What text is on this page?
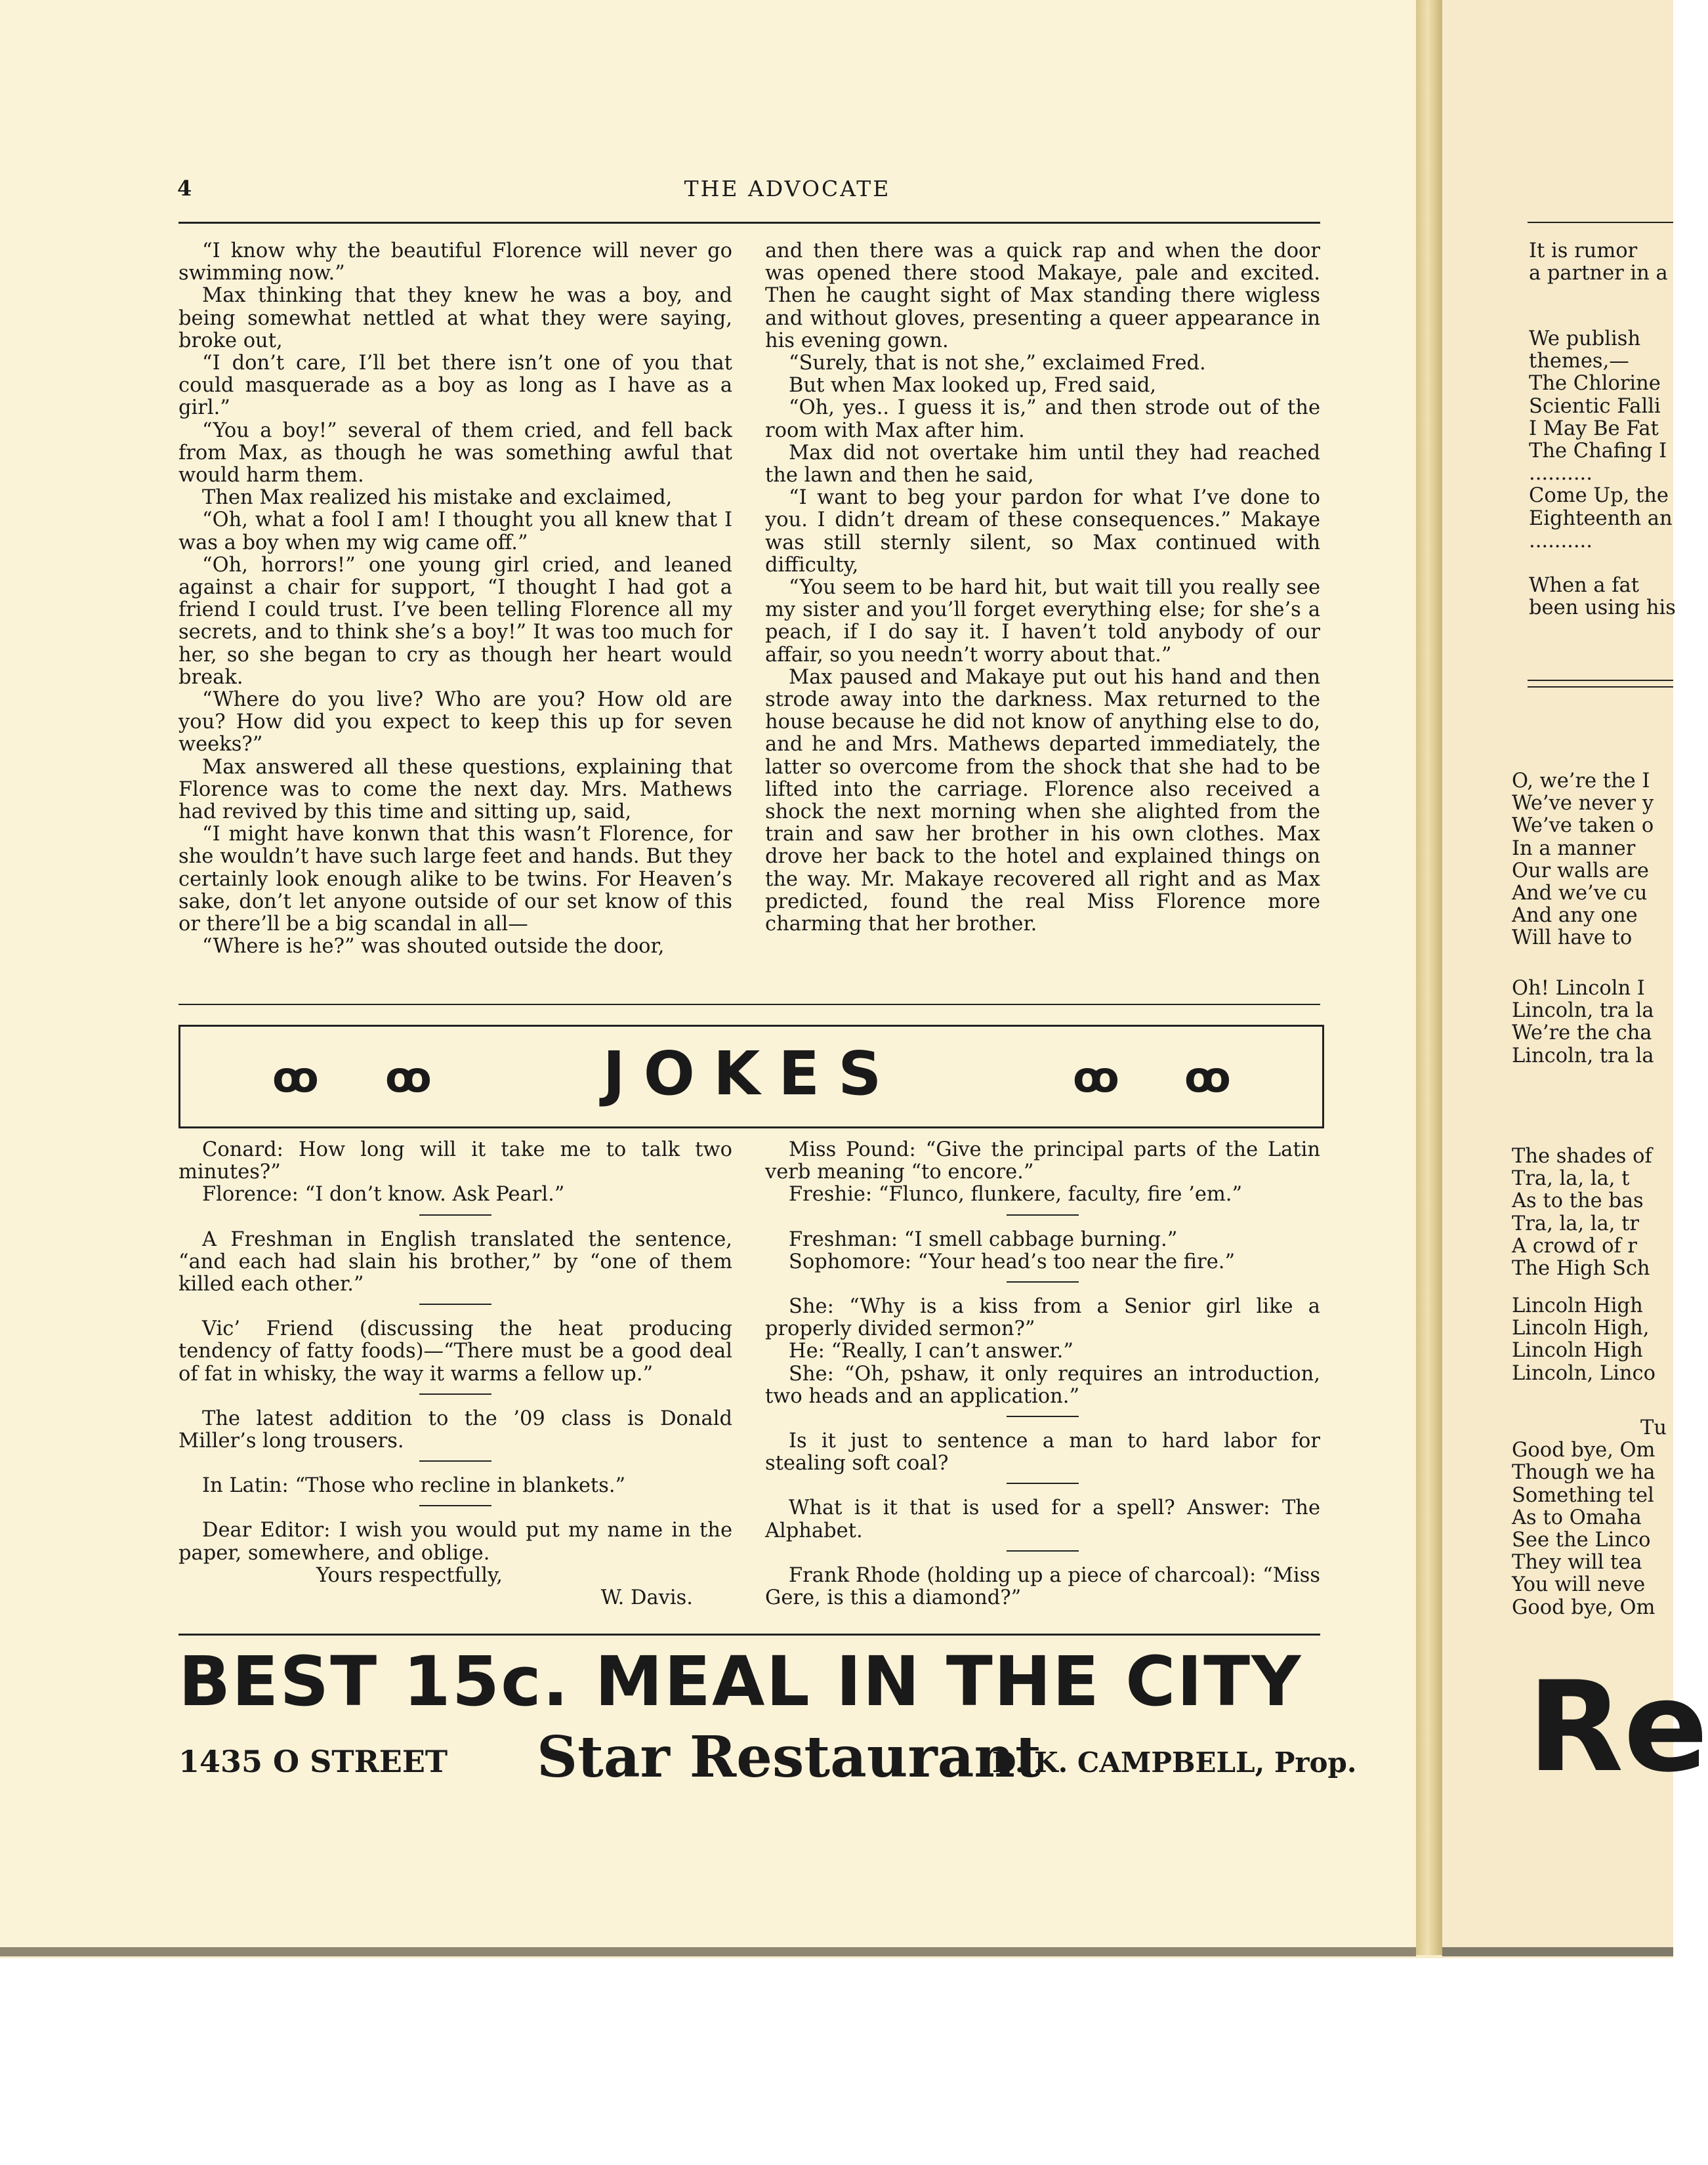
4	THE ADVOCATE

“I know why the beautiful Florence will never go swimming now.”

Max thinking that they knew he was a boy, and being somewhat nettled at what they were saying, broke out,

“I don’t care, I’ll bet there isn’t one of you that could masquerade as a boy as long as I have as a girl.”

“You a boy!” several of them cried, and fell back from Max, as though he was something awful that would harm them.

Then Max realized his mistake and exclaimed,

“Oh, what a fool I am! I thought you all knew that I was a boy when my wig came off.”

“Oh, horrors!” one young girl cried, and leaned against a chair for support, “I thought I had got a friend I could trust. I’ve been telling Florence all my secrets, and to think she’s a boy!” It was too much for her, so she began to cry as though her heart would break.

“Where do you live? Who are you? How old are you? How did you expect to keep this up for seven weeks?”

Max answered all these questions, explaining that Florence was to come the next day. Mrs. Mathews had revived by this time and sitting up, said,

“I might have konwn that this wasn’t Florence, for she wouldn’t have such large feet and hands. But they certainly look enough alike to be twins. For Heaven’s sake, don’t let anyone outside of our set know of this or there’ll be a big scandal in all—

“Where is he?” was shouted outside the door,

and then there was a quick rap and when the door was opened there stood Makaye, pale and excited. Then he caught sight of Max standing there wigless and without gloves, presenting a queer appearance in his evening gown.

“Surely, that is not she,” exclaimed Fred.

But when Max looked up, Fred said,

“Oh, yes.. I guess it is,” and then strode out of the room with Max after him.

Max did not overtake him until they had reached the lawn and then he said,

“I want to beg your pardon for what I’ve done to you. I didn’t dream of these consequences.” Makaye was still sternly silent, so Max continued with difficulty,

“You seem to be hard hit, but wait till you really see my sister and you’ll forget everything else; for she’s a peach, if I do say it. I haven’t told anybody of our affair, so you needn’t worry about that.”

Max paused and Makaye put out his hand and then strode away into the darkness. Max returned to the house because he did not know of anything else to do, and he and Mrs. Mathews departed immediately, the latter so overcome from the shock that she had to be lifted into the carriage. Florence also received a shock the next morning when she alighted from the train and saw her brother in his own clothes. Max drove her back to the hotel and explained things on the way. Mr. Makaye recovered all right and as Max predicted, found the real Miss Florence more charming that her brother.

ꝏ ꝏ	JOKES	ꝏ ꝏ

Conard: How long will it take me to talk two minutes?”

Florence: “I don’t know. Ask Pearl.”

A Freshman in English translated the sentence, “and each had slain his brother,” by “one of them killed each other.”

Vic’ Friend (discussing the heat producing tendency of fatty foods)—“There must be a good deal of fat in whisky, the way it warms a fellow up.”

The latest addition to the ’09 class is Donald Miller’s long trousers.

In Latin: “Those who recline in blankets.”

Dear Editor: I wish you would put my name in the paper, somewhere, and oblige.

Yours respectfully,

W. Davis.

Miss Pound: “Give the principal parts of the Latin verb meaning “to encore.”

Freshie: “Flunco, flunkere, faculty, fire ’em.”

Freshman: “I smell cabbage burning.”

Sophomore: “Your head’s too near the fire.”

She: “Why is a kiss from a Senior girl like a properly divided sermon?”

He: “Really, I can’t answer.”

She: “Oh, pshaw, it only requires an introduction, two heads and an application.”

Is it just to sentence a man to hard labor for stealing soft coal?

What is it that is used for a spell? Answer: The Alphabet.

Frank Rhode (holding up a piece of charcoal): “Miss Gere, is this a diamond?”

BEST 15c. MEAL IN THE CITY
1435 O STREET Star Restaurant
D. K. CAMPBELL, Prop.
It is rumor
a partner in a
We publish
themes,—
The Chlorine
Scientic Falli
I May Be Fat
The Chafing I
..........
Come Up, the
Eighteenth an
..........
When a fat
been using his
O, we’re the I
We’ve never y
We’ve taken o
In a manner
Our walls are
And we’ve cu
And any one
Will have to
Oh! Lincoln I
Lincoln, tra la
We’re the cha
Lincoln, tra la
The shades of
Tra, la, la, t
As to the bas
Tra, la, la, tr
A crowd of r
The High Sch
Lincoln High
Lincoln High,
Lincoln High
Lincoln, Linco
Tu
Good bye, Om
Though we ha
Something tel
As to Omaha
See the Linco
They will tea
You will neve
Good bye, Om
Re
